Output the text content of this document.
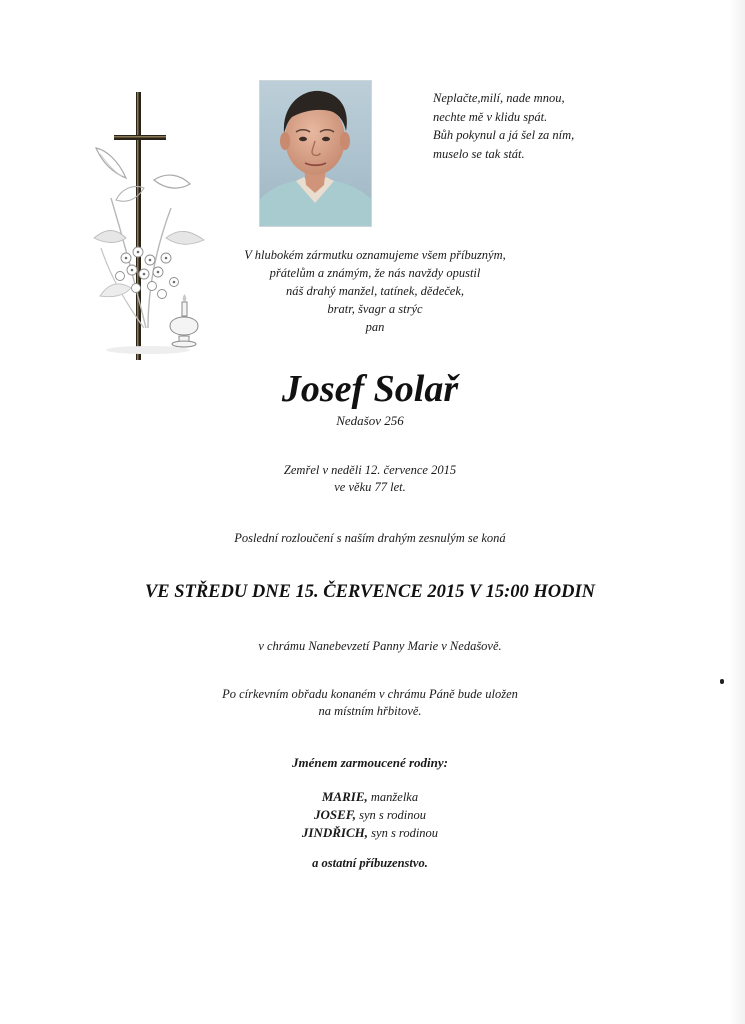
Neplačte,milí, nade mnou,
nechte mě v klidu spát.
Bůh pokynul a já šel za ním,
muselo se tak stát.
V hlubokém zármutku oznamujeme všem příbuzným,
přátelům a známým, že nás navždy opustil
náš drahý manžel, tatínek, dědeček,
bratr, švagr a strýc
pan
Josef Solař
Nedašov 256
Zemřel v neděli 12. července 2015
ve věku 77 let.
Poslední rozloučení s naším drahým zesnulým se koná
VE STŘEDU DNE 15. ČERVENCE 2015 V 15:00 HODIN
v chrámu Nanebevzetí Panny Marie v Nedašově.
Po církevním obřadu konaném v chrámu Páně bude uložen
na místním hřbitově.
Jménem zarmoucené rodiny:
MARIE, manželka
JOSEF, syn s rodinou
JINDŘICH, syn s rodinou
a ostatní příbuzenstvo.
